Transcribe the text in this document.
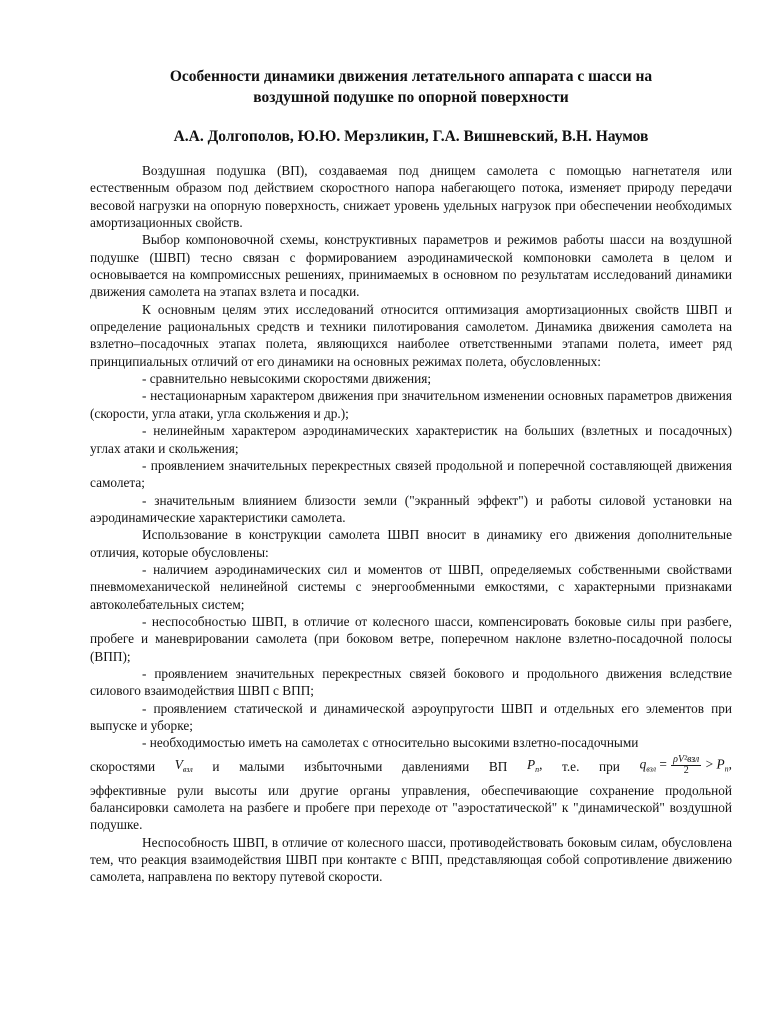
Особенности динамики движения летательного аппарата с шасси на
воздушной подушке по опорной поверхности
А.А. Долгополов, Ю.Ю. Мерзликин, Г.А. Вишневский, В.Н. Наумов

Воздушная подушка (ВП), создаваемая под днищем самолета с помощью нагнетателя или естественным образом под действием скоростного напора набегающего потока, изменяет природу передачи весовой нагрузки на опорную поверхность, снижает уровень удельных нагрузок при обеспечении необходимых амортизационных свойств.

Выбор компоновочной схемы, конструктивных параметров и режимов работы шасси на воздушной подушке (ШВП) тесно связан с формированием аэродинамической компоновки самолета в целом и основывается на компромиссных решениях, принимаемых в основном по результатам исследований динамики движения самолета на этапах взлета и посадки.

К основным целям этих исследований относится оптимизация амортизационных свойств ШВП и определение рациональных средств и техники пилотирования самолетом. Динамика движения самолета на взлетно–посадочных этапах полета, являющихся наиболее ответственными этапами полета, имеет ряд принципиальных отличий от его динамики на основных режимах полета, обусловленных:

- сравнительно невысокими скоростями движения;

- нестационарным характером движения при значительном изменении основных параметров движения (скорости, угла атаки, угла скольжения и др.);

- нелинейным характером аэродинамических характеристик на больших (взлетных и посадочных) углах атаки и скольжения;

- проявлением значительных перекрестных связей продольной и поперечной составляющей движения самолета;

- значительным влиянием близости земли ("экранный эффект") и работы силовой установки на аэродинамические характеристики самолета.

Использование в конструкции самолета ШВП вносит в динамику его движения дополнительные отличия, которые обусловлены:

- наличием аэродинамических сил и моментов от ШВП, определяемых собственными свойствами пневмомеханической нелинейной системы с энергообменными емкостями, с характерными признаками автоколебательных систем;

- неспособностью ШВП, в отличие от колесного шасси, компенсировать боковые силы при разбеге, пробеге и маневрировании самолета (при боковом ветре, поперечном наклоне взлетно-посадочной полосы (ВПП);

- проявлением значительных перекрестных связей бокового и продольного движения вследствие силового взаимодействия ШВП с ВПП;

- проявлением статической и динамической аэроупругости ШВП и отдельных его элементов при выпуске и уборке;

- необходимостью иметь на самолетах с относительно высокими взлетно-посадочными

скоростями $V_{взл}$ и малыми избыточными давлениями ВП $P_п$, т.е. при $q_{взл} = \frac{\text{ρV²взл}}{2} > P_п$,

эффективные рули высоты или другие органы управления, обеспечивающие сохранение продольной балансировки самолета на разбеге и пробеге при переходе от "аэростатической" к "динамической" воздушной подушке.

Неспособность ШВП, в отличие от колесного шасси, противодействовать боковым силам, обусловлена тем, что реакция взаимодействия ШВП при контакте с ВПП, представляющая собой сопротивление движению самолета, направлена по вектору путевой скорости.
